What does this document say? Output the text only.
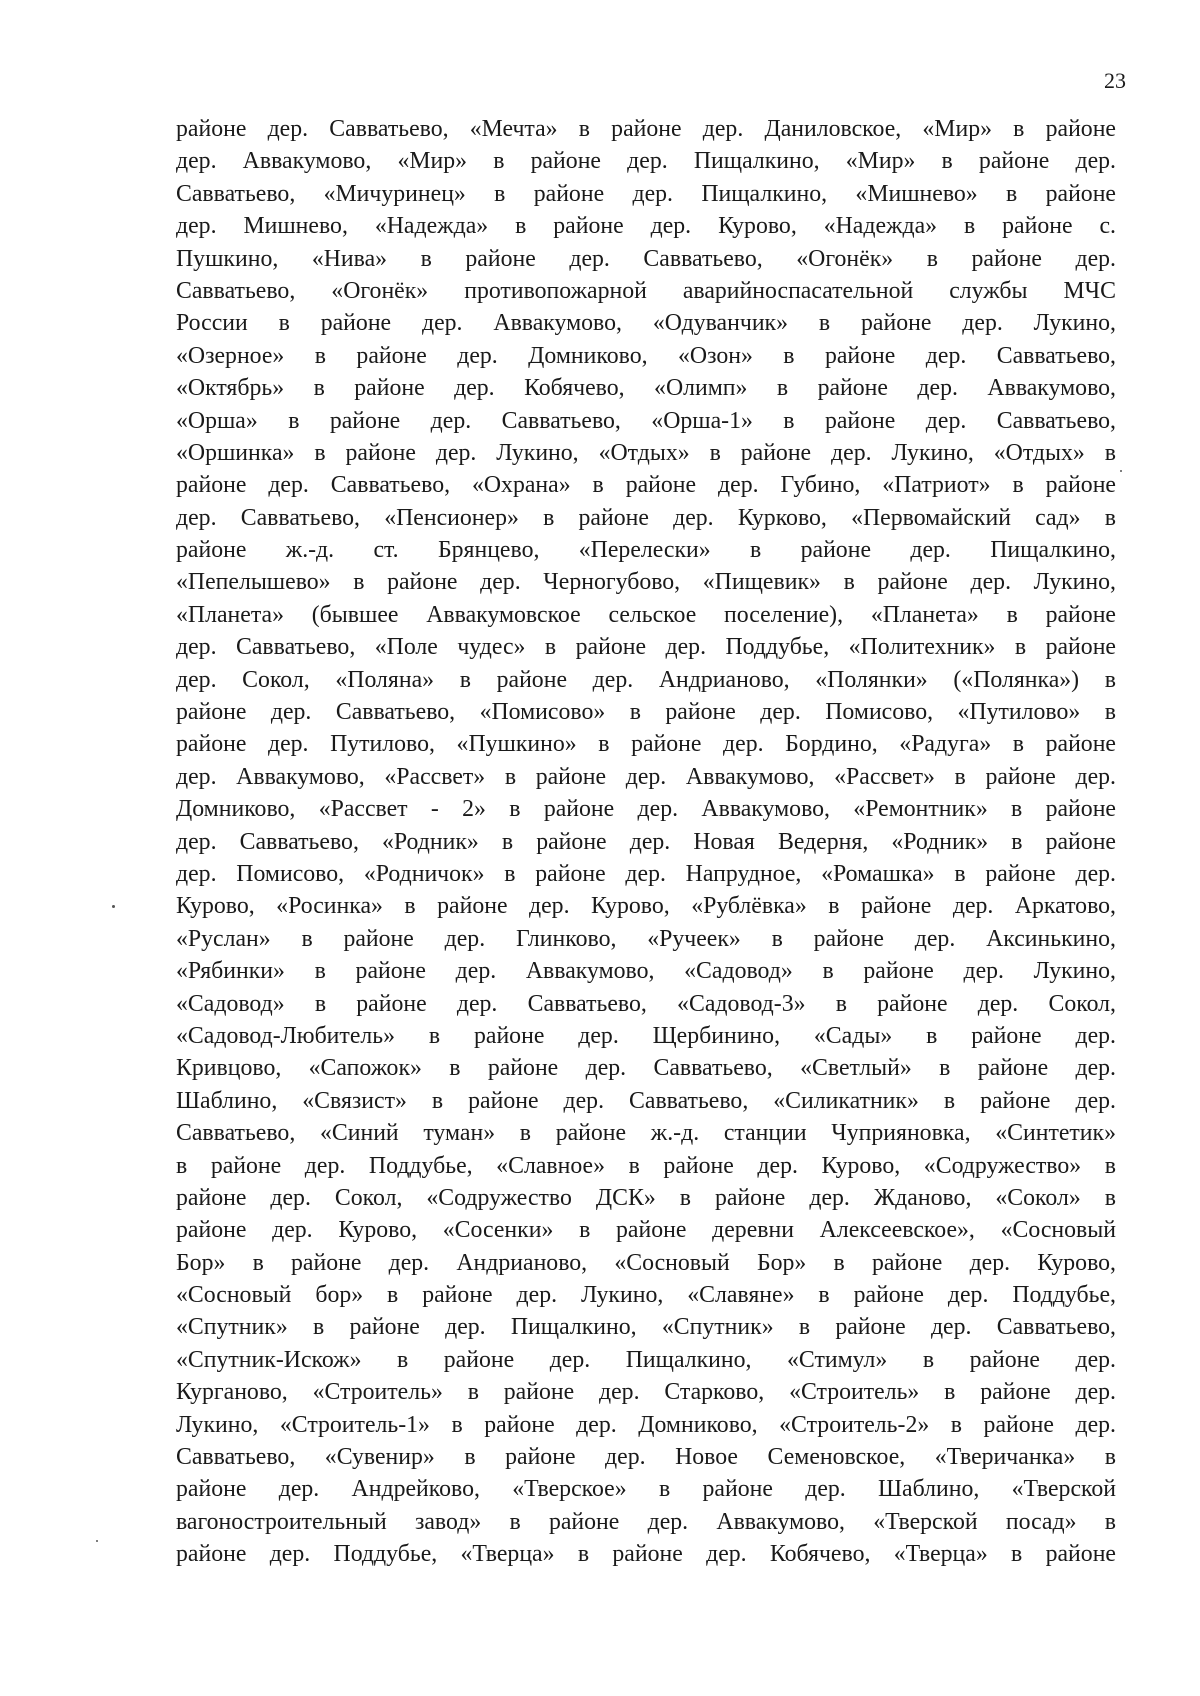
23
районе дер. Савватьево, «Мечта» в районе дер. Даниловское, «Мир» в районе
дер. Аввакумово, «Мир» в районе дер. Пищалкино, «Мир» в районе дер.
Савватьево, «Мичуринец» в районе дер. Пищалкино, «Мишнево» в районе
дер. Мишнево, «Надежда» в районе дер. Курово, «Надежда» в районе с.
Пушкино, «Нива» в районе дер. Савватьево, «Огонёк» в районе дер.
Савватьево, «Огонёк» противопожарной аварийноспасательной службы МЧС
России в районе дер. Аввакумово, «Одуванчик» в районе дер. Лукино,
«Озерное» в районе дер. Домниково, «Озон» в районе дер. Савватьево,
«Октябрь» в районе дер. Кобячево, «Олимп» в районе дер. Аввакумово,
«Орша» в районе дер. Савватьево, «Орша-1» в районе дер. Савватьево,
«Оршинка» в районе дер. Лукино, «Отдых» в районе дер. Лукино, «Отдых» в
районе дер. Савватьево, «Охрана» в районе дер. Губино, «Патриот» в районе
дер. Савватьево, «Пенсионер» в районе дер. Курково, «Первомайский сад» в
районе ж.-д. ст. Брянцево, «Перелески» в районе дер. Пищалкино,
«Пепелышево» в районе дер. Черногубово, «Пищевик» в районе дер. Лукино,
«Планета» (бывшее Аввакумовское сельское поселение), «Планета» в районе
дер. Савватьево, «Поле чудес» в районе дер. Поддубье, «Политехник» в районе
дер. Сокол, «Поляна» в районе дер. Андрианово, «Полянки» («Полянка») в
районе дер. Савватьево, «Помисово» в районе дер. Помисово, «Путилово» в
районе дер. Путилово, «Пушкино» в районе дер. Бордино, «Радуга» в районе
дер. Аввакумово, «Рассвет» в районе дер. Аввакумово, «Рассвет» в районе дер.
Домниково, «Рассвет - 2» в районе дер. Аввакумово, «Ремонтник» в районе
дер. Савватьево, «Родник» в районе дер. Новая Ведерня, «Родник» в районе
дер. Помисово, «Родничок» в районе дер. Напрудное, «Ромашка» в районе дер.
Курово, «Росинка» в районе дер. Курово, «Рублёвка» в районе дер. Аркатово,
«Руслан» в районе дер. Глинково, «Ручеек» в районе дер. Аксинькино,
«Рябинки» в районе дер. Аввакумово, «Садовод» в районе дер. Лукино,
«Садовод» в районе дер. Савватьево, «Садовод-3» в районе дер. Сокол,
«Садовод-Любитель» в районе дер. Щербинино, «Сады» в районе дер.
Кривцово, «Сапожок» в районе дер. Савватьево, «Светлый» в районе дер.
Шаблино, «Связист» в районе дер. Савватьево, «Силикатник» в районе дер.
Савватьево, «Синий туман» в районе ж.-д. станции Чуприяновка, «Синтетик»
в районе дер. Поддубье, «Славное» в районе дер. Курово, «Содружество» в
районе дер. Сокол, «Содружество ДСК» в районе дер. Жданово, «Сокол» в
районе дер. Курово, «Сосенки» в районе деревни Алексеевское», «Сосновый
Бор» в районе дер. Андрианово, «Сосновый Бор» в районе дер. Курово,
«Сосновый бор» в районе дер. Лукино, «Славяне» в районе дер. Поддубье,
«Спутник» в районе дер. Пищалкино, «Спутник» в районе дер. Савватьево,
«Спутник-Искож» в районе дер. Пищалкино, «Стимул» в районе дер.
Курганово, «Строитель» в районе дер. Старково, «Строитель» в районе дер.
Лукино, «Строитель-1» в районе дер. Домниково, «Строитель-2» в районе дер.
Савватьево, «Сувенир» в районе дер. Новое Семеновское, «Тверичанка» в
районе дер. Андрейково, «Тверское» в районе дер. Шаблино, «Тверской
вагоностроительный завод» в районе дер. Аввакумово, «Тверской посад» в
районе дер. Поддубье, «Тверца» в районе дер. Кобячево, «Тверца» в районе
